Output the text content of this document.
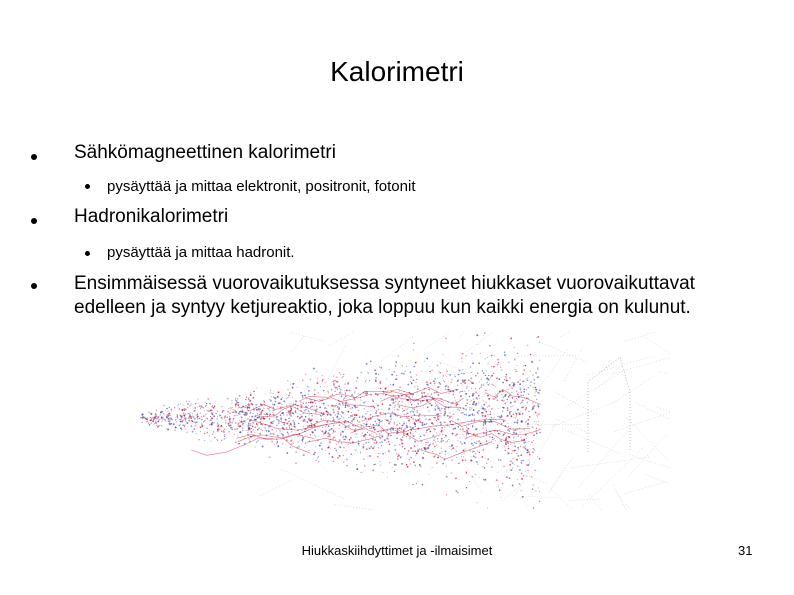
Kalorimetri
Sähkömagneettinen kalorimetri
pysäyttää ja mittaa elektronit, positronit, fotonit
Hadronikalorimetri
pysäyttää ja mittaa hadronit.
Ensimmäisessä vuorovaikutuksessa syntyneet hiukkaset vuorovaikuttavat edelleen ja syntyy ketjureaktio, joka loppuu kun kaikki energia on kulunut.
Hiukkaskiihdyttimet ja -ilmaisimet	31
